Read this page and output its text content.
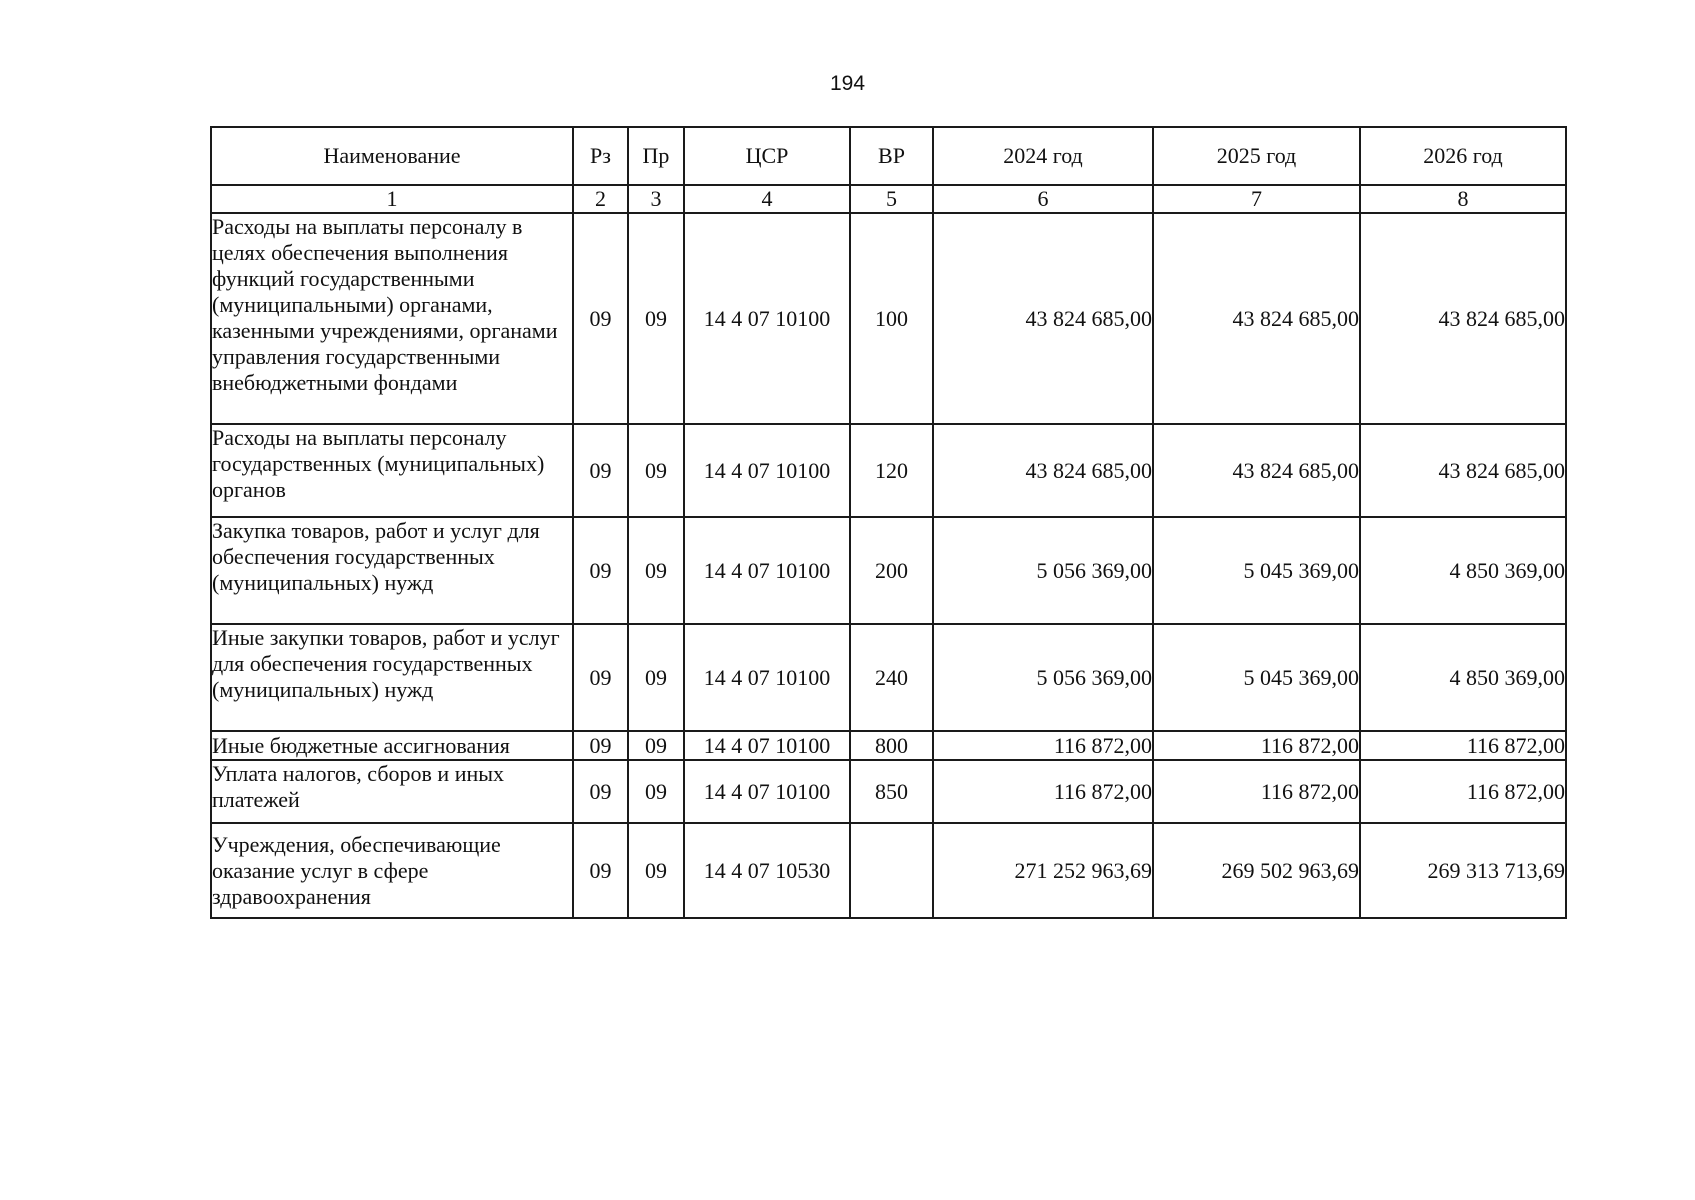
194
Наименование	Рз	Пр	ЦСР	ВР	2024 год	2025 год	2026 год
1	2	3	4	5	6	7	8
Расходы на выплаты персоналу в целях обеспечения выполнения функций государственными (муниципальными) органами, казенными учреждениями, органами управления государственными внебюджетными фондами	09	09	14 4 07 10100	100	43 824 685,00	43 824 685,00	43 824 685,00
Расходы на выплаты персоналу государственных (муниципальных) органов	09	09	14 4 07 10100	120	43 824 685,00	43 824 685,00	43 824 685,00
Закупка товаров, работ и услуг для обеспечения государственных (муниципальных) нужд	09	09	14 4 07 10100	200	5 056 369,00	5 045 369,00	4 850 369,00
Иные закупки товаров, работ и услуг для обеспечения государственных (муниципальных) нужд	09	09	14 4 07 10100	240	5 056 369,00	5 045 369,00	4 850 369,00
Иные бюджетные ассигнования	09	09	14 4 07 10100	800	116 872,00	116 872,00	116 872,00
Уплата налогов, сборов и иных платежей	09	09	14 4 07 10100	850	116 872,00	116 872,00	116 872,00
Учреждения, обеспечивающие оказание услуг в сфере здравоохранения	09	09	14 4 07 10530		271 252 963,69	269 502 963,69	269 313 713,69
